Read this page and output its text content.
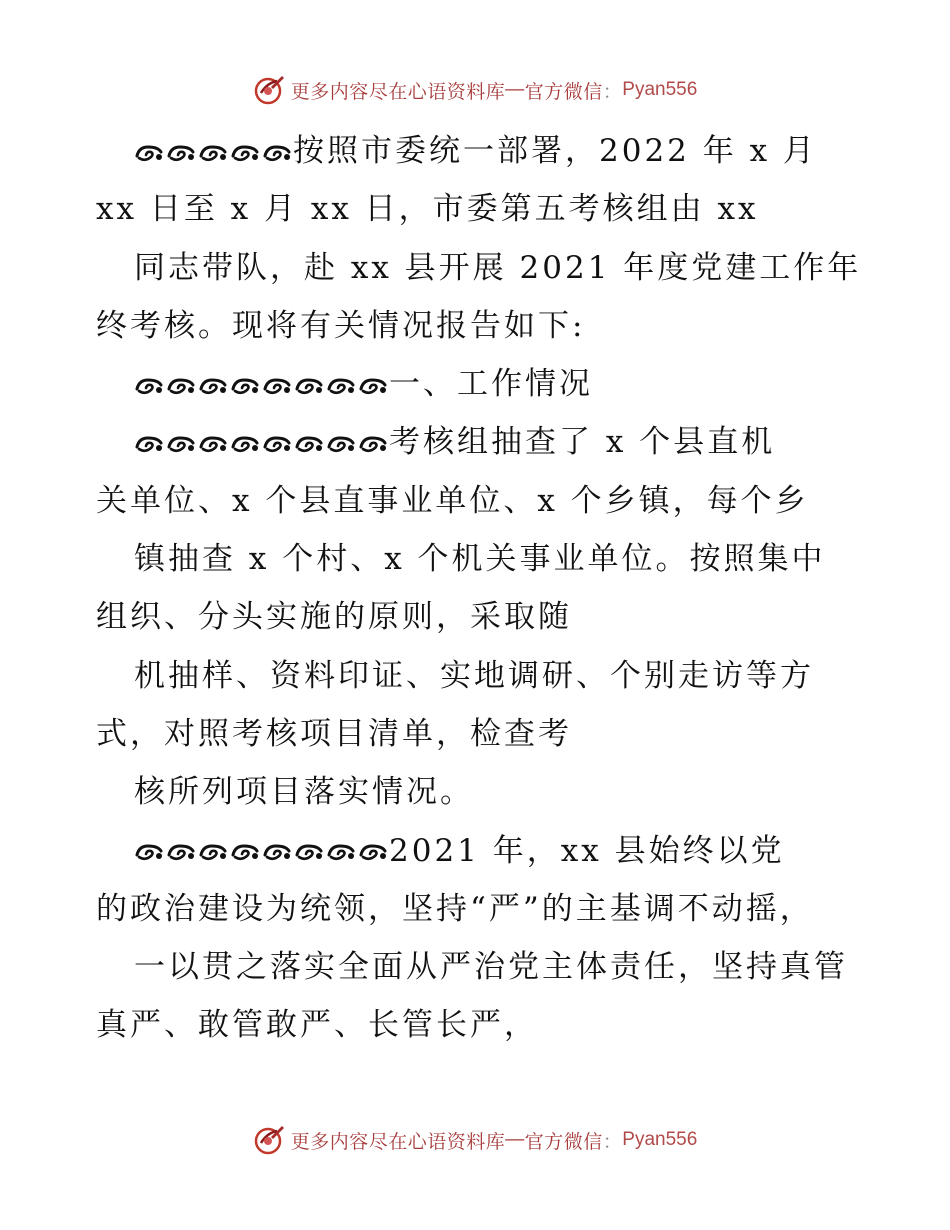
更多内容尽在心语资料库 — 官方微信 ： Pyan556
按照市委统一部署，2022 年 x 月
xx 日至 x 月 xx 日，市委第五考核组由 xx
同志带队，赴 xx 县开展 2021 年度党建工作年
终考核。现将有关情况报告如下:
一、工作情况
考核组抽查了 x 个县直机
关单位、x 个县直事业单位、x 个乡镇，每个乡
镇抽查 x 个村、x 个机关事业单位。按照集中
组织、分头实施的原则，采取随
机抽样、资料印证、实地调研、个别走访等方
式，对照考核项目清单，检查考
核所列项目落实情况。
2021 年，xx 县始终以党
的政治建设为统领，坚持“严”的主基调不动摇，
一以贯之落实全面从严治党主体责任，坚持真管
真严、敢管敢严、长管长严，
更多内容尽在心语资料库 — 官方微信 ： Pyan556
